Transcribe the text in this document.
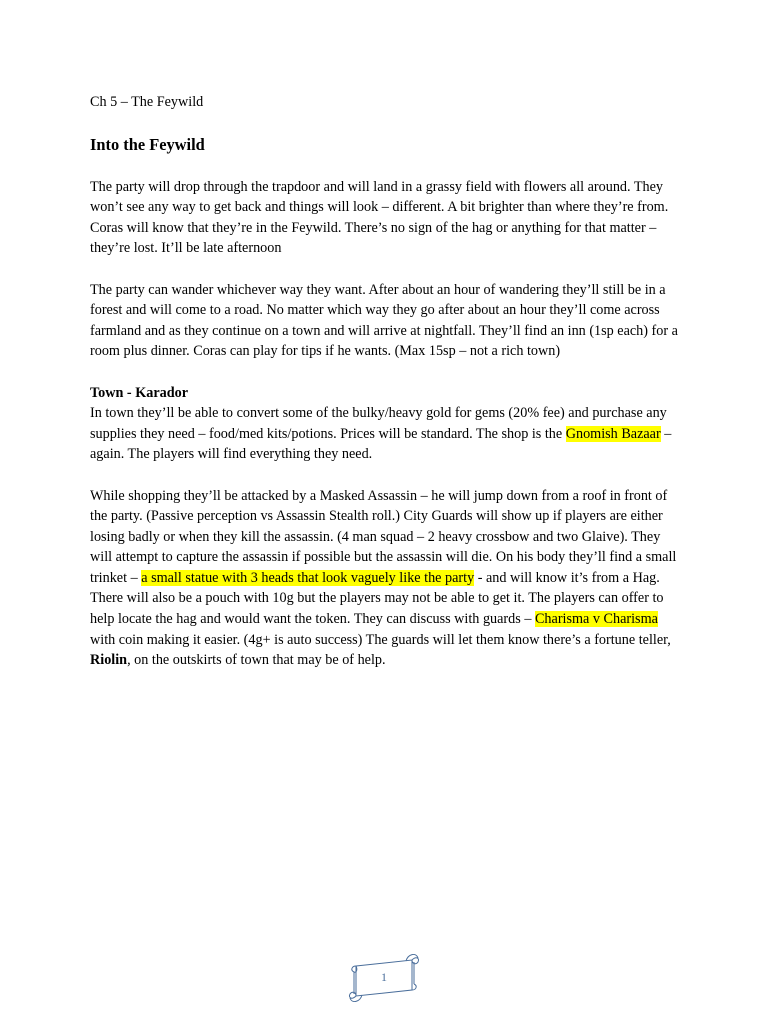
Ch 5 – The Feywild
Into the Feywild

The party will drop through the trapdoor and will land in a grassy field with flowers all around. They won’t see any way to get back and things will look – different. A bit brighter than where they’re from. Coras will know that they’re in the Feywild. There’s no sign of the hag or anything for that matter – they’re lost. It’ll be late afternoon

The party can wander whichever way they want. After about an hour of wandering they’ll still be in a forest and will come to a road. No matter which way they go after about an hour they’ll come across farmland and as they continue on a town and will arrive at nightfall. They’ll find an inn (1sp each) for a room plus dinner. Coras can play for tips if he wants. (Max 15sp – not a rich town)

Town - Karador

In town they’ll be able to convert some of the bulky/heavy gold for gems (20% fee) and purchase any supplies they need – food/med kits/potions. Prices will be standard. The shop is the Gnomish Bazaar – again. The players will find everything they need.

While shopping they’ll be attacked by a Masked Assassin – he will jump down from a roof in front of the party. (Passive perception vs Assassin Stealth roll.) City Guards will show up if players are either losing badly or when they kill the assassin. (4 man squad – 2 heavy crossbow and two Glaive). They will attempt to capture the assassin if possible but the assassin will die. On his body they’ll find a small trinket – a small statue with 3 heads that look vaguely like the party - and will know it’s from a Hag. There will also be a pouch with 10g but the players may not be able to get it. The players can offer to help locate the hag and would want the token. They can discuss with guards – Charisma v Charisma with coin making it easier. (4g+ is auto success) The guards will let them know there’s a fortune teller, Riolin, on the outskirts of town that may be of help.

1
